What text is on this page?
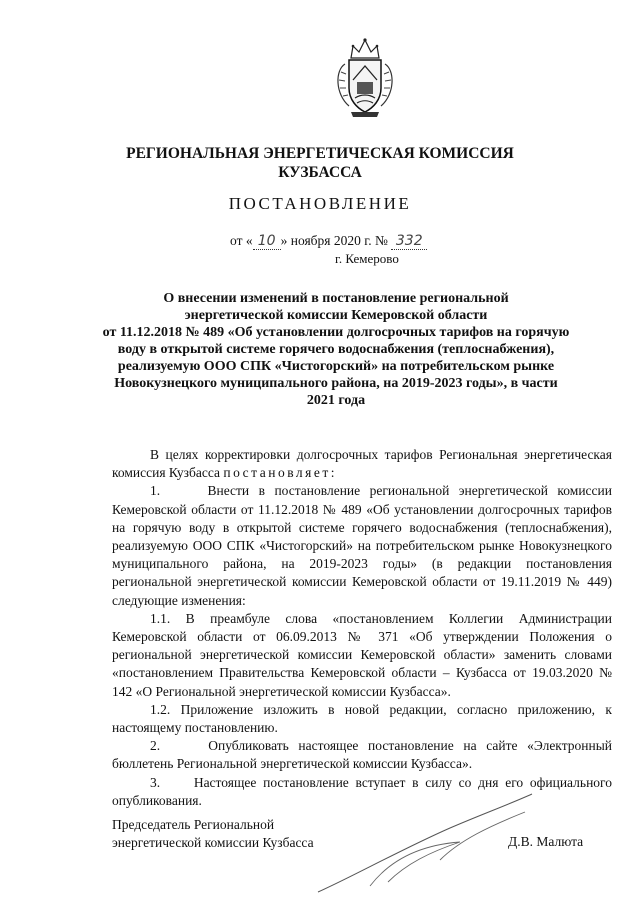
РЕГИОНАЛЬНАЯ ЭНЕРГЕТИЧЕСКАЯ КОМИССИЯ
КУЗБАССА
ПОСТАНОВЛЕНИЕ
от « 10 » ноября 2020 г. № 332
г. Кемерово
О внесении изменений в постановление региональной
энергетической комиссии Кемеровской области
от 11.12.2018 № 489 «Об установлении долгосрочных тарифов на горячую
воду в открытой системе горячего водоснабжения (теплоснабжения),
реализуемую ООО СПК «Чистогорский» на потребительском рынке
Новокузнецкого муниципального района, на 2019-2023 годы», в части
2021 года

В целях корректировки долгосрочных тарифов Региональная энергетическая комиссия Кузбасса постановляет:

1.     Внести в постановление региональной энергетической комиссии Кемеровской области от 11.12.2018 № 489 «Об установлении долгосрочных тарифов на горячую воду в открытой системе горячего водоснабжения (теплоснабжения), реализуемую ООО СПК «Чистогорский» на потребительском рынке Новокузнецкого муниципального района, на 2019-2023 годы» (в редакции постановления региональной энергетической комиссии Кемеровской области от 19.11.2019 № 449) следующие изменения:

1.1. В преамбуле слова «постановлением Коллегии Администрации Кемеровской области от 06.09.2013 № 371 «Об утверждении Положения о региональной энергетической комиссии Кемеровской области» заменить словами «постановлением Правительства Кемеровской области – Кузбасса от 19.03.2020 № 142 «О Региональной энергетической комиссии Кузбасса».

1.2. Приложение изложить в новой редакции, согласно приложению, к настоящему постановлению.

2.     Опубликовать настоящее постановление на сайте «Электронный бюллетень Региональной энергетической комиссии Кузбасса».

3.     Настоящее постановление вступает в силу со дня его официального опубликования.

Председатель Региональной
энергетической комиссии Кузбасса	Д.В. Малюта
